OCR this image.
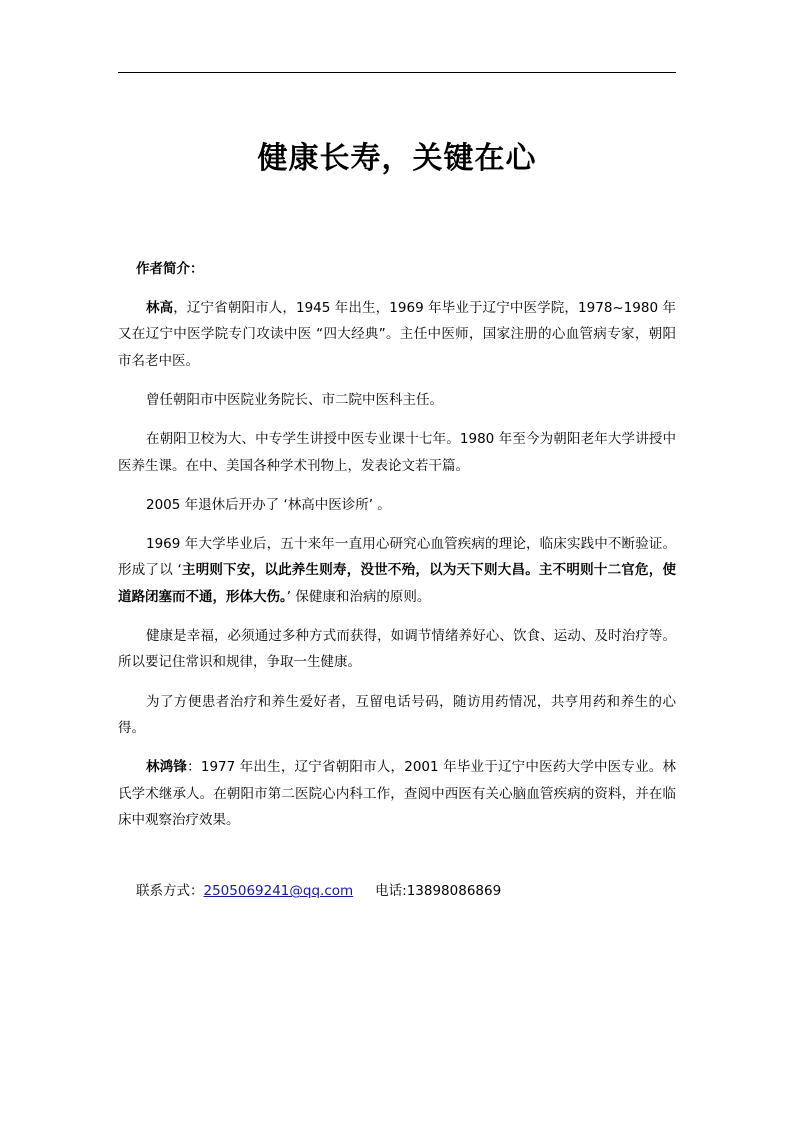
健康长寿，关键在心
作者简介：

林高，辽宁省朝阳市人，1945 年出生，1969 年毕业于辽宁中医学院，1978~1980 年又在辽宁中医学院专门攻读中医 “四大经典”。主任中医师，国家注册的心血管病专家，朝阳市名老中医。

曾任朝阳市中医院业务院长、市二院中医科主任。

在朝阳卫校为大、中专学生讲授中医专业课十七年。1980 年至今为朝阳老年大学讲授中医养生课。在中、美国各种学术刊物上，发表论文若干篇。

2005 年退休后开办了 ‘林高中医诊所’ 。

1969 年大学毕业后，五十来年一直用心研究心血管疾病的理论，临床实践中不断验证。形成了以 ‘主明则下安，以此养生则寿，没世不殆，以为天下则大昌。主不明则十二官危，使道路闭塞而不通，形体大伤。’ 保健康和治病的原则。

健康是幸福，必须通过多种方式而获得，如调节情绪养好心、饮食、运动、及时治疗等。所以要记住常识和规律，争取一生健康。

为了方便患者治疗和养生爱好者，互留电话号码，随访用药情况，共亨用药和养生的心得。

林鸿锋：1977 年出生，辽宁省朝阳市人，2001 年毕业于辽宁中医药大学中医专业。林氏学术继承人。在朝阳市第二医院心内科工作，查阅中西医有关心脑血管疾病的资料，并在临床中观察治疗效果。

联系方式：2505069241@qq.com 电话:13898086869
